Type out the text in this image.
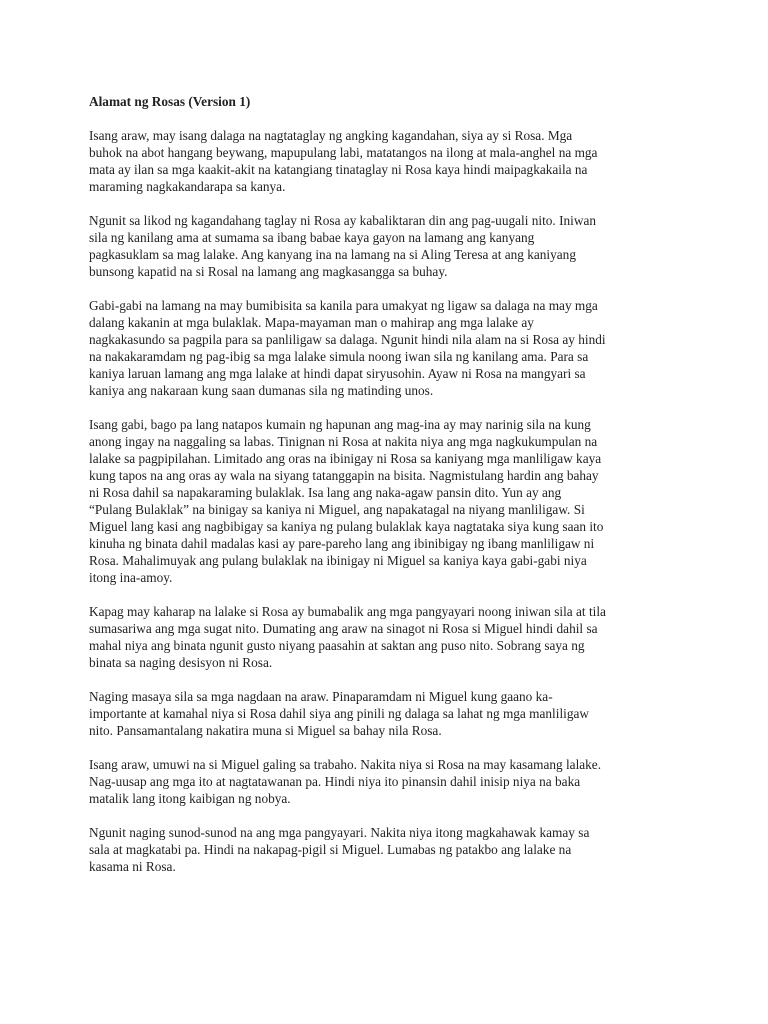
Alamat ng Rosas (Version 1)
Isang araw, may isang dalaga na nagtataglay ng angking kagandahan, siya ay si Rosa. Mga
buhok na abot hangang beywang, mapupulang labi, matatangos na ilong at mala-anghel na mga
mata ay ilan sa mga kaakit-akit na katangiang tinataglay ni Rosa kaya hindi maipagkakaila na
maraming nagkakandarapa sa kanya.
Ngunit sa likod ng kagandahang taglay ni Rosa ay kabaliktaran din ang pag-uugali nito. Iniwan
sila ng kanilang ama at sumama sa ibang babae kaya gayon na lamang ang kanyang
pagkasuklam sa mag lalake. Ang kanyang ina na lamang na si Aling Teresa at ang kaniyang
bunsong kapatid na si Rosal na lamang ang magkasangga sa buhay.
Gabi-gabi na lamang na may bumibisita sa kanila para umakyat ng ligaw sa dalaga na may mga
dalang kakanin at mga bulaklak. Mapa-mayaman man o mahirap ang mga lalake ay
nagkakasundo sa pagpila para sa panliligaw sa dalaga. Ngunit hindi nila alam na si Rosa ay hindi
na nakakaramdam ng pag-ibig sa mga lalake simula noong iwan sila ng kanilang ama. Para sa
kaniya laruan lamang ang mga lalake at hindi dapat siryusohin. Ayaw ni Rosa na mangyari sa
kaniya ang nakaraan kung saan dumanas sila ng matinding unos.
Isang gabi, bago pa lang natapos kumain ng hapunan ang mag-ina ay may narinig sila na kung
anong ingay na naggaling sa labas. Tinignan ni Rosa at nakita niya ang mga nagkukumpulan na
lalake sa pagpipilahan. Limitado ang oras na ibinigay ni Rosa sa kaniyang mga manliligaw kaya
kung tapos na ang oras ay wala na siyang tatanggapin na bisita. Nagmistulang hardin ang bahay
ni Rosa dahil sa napakaraming bulaklak. Isa lang ang naka-agaw pansin dito. Yun ay ang
“Pulang Bulaklak” na binigay sa kaniya ni Miguel, ang napakatagal na niyang manliligaw. Si
Miguel lang kasi ang nagbibigay sa kaniya ng pulang bulaklak kaya nagtataka siya kung saan ito
kinuha ng binata dahil madalas kasi ay pare-pareho lang ang ibinibigay ng ibang manliligaw ni
Rosa. Mahalimuyak ang pulang bulaklak na ibinigay ni Miguel sa kaniya kaya gabi-gabi niya
itong ina-amoy.
Kapag may kaharap na lalake si Rosa ay bumabalik ang mga pangyayari noong iniwan sila at tila
sumasariwa ang mga sugat nito. Dumating ang araw na sinagot ni Rosa si Miguel hindi dahil sa
mahal niya ang binata ngunit gusto niyang paasahin at saktan ang puso nito. Sobrang saya ng
binata sa naging desisyon ni Rosa.
Naging masaya sila sa mga nagdaan na araw. Pinaparamdam ni Miguel kung gaano ka-
importante at kamahal niya si Rosa dahil siya ang pinili ng dalaga sa lahat ng mga manliligaw
nito. Pansamantalang nakatira muna si Miguel sa bahay nila Rosa.
Isang araw, umuwi na si Miguel galing sa trabaho. Nakita niya si Rosa na may kasamang lalake.
Nag-uusap ang mga ito at nagtatawanan pa. Hindi niya ito pinansin dahil inisip niya na baka
matalik lang itong kaibigan ng nobya.
Ngunit naging sunod-sunod na ang mga pangyayari. Nakita niya itong magkahawak kamay sa
sala at magkatabi pa. Hindi na nakapag-pigil si Miguel. Lumabas ng patakbo ang lalake na
kasama ni Rosa.
